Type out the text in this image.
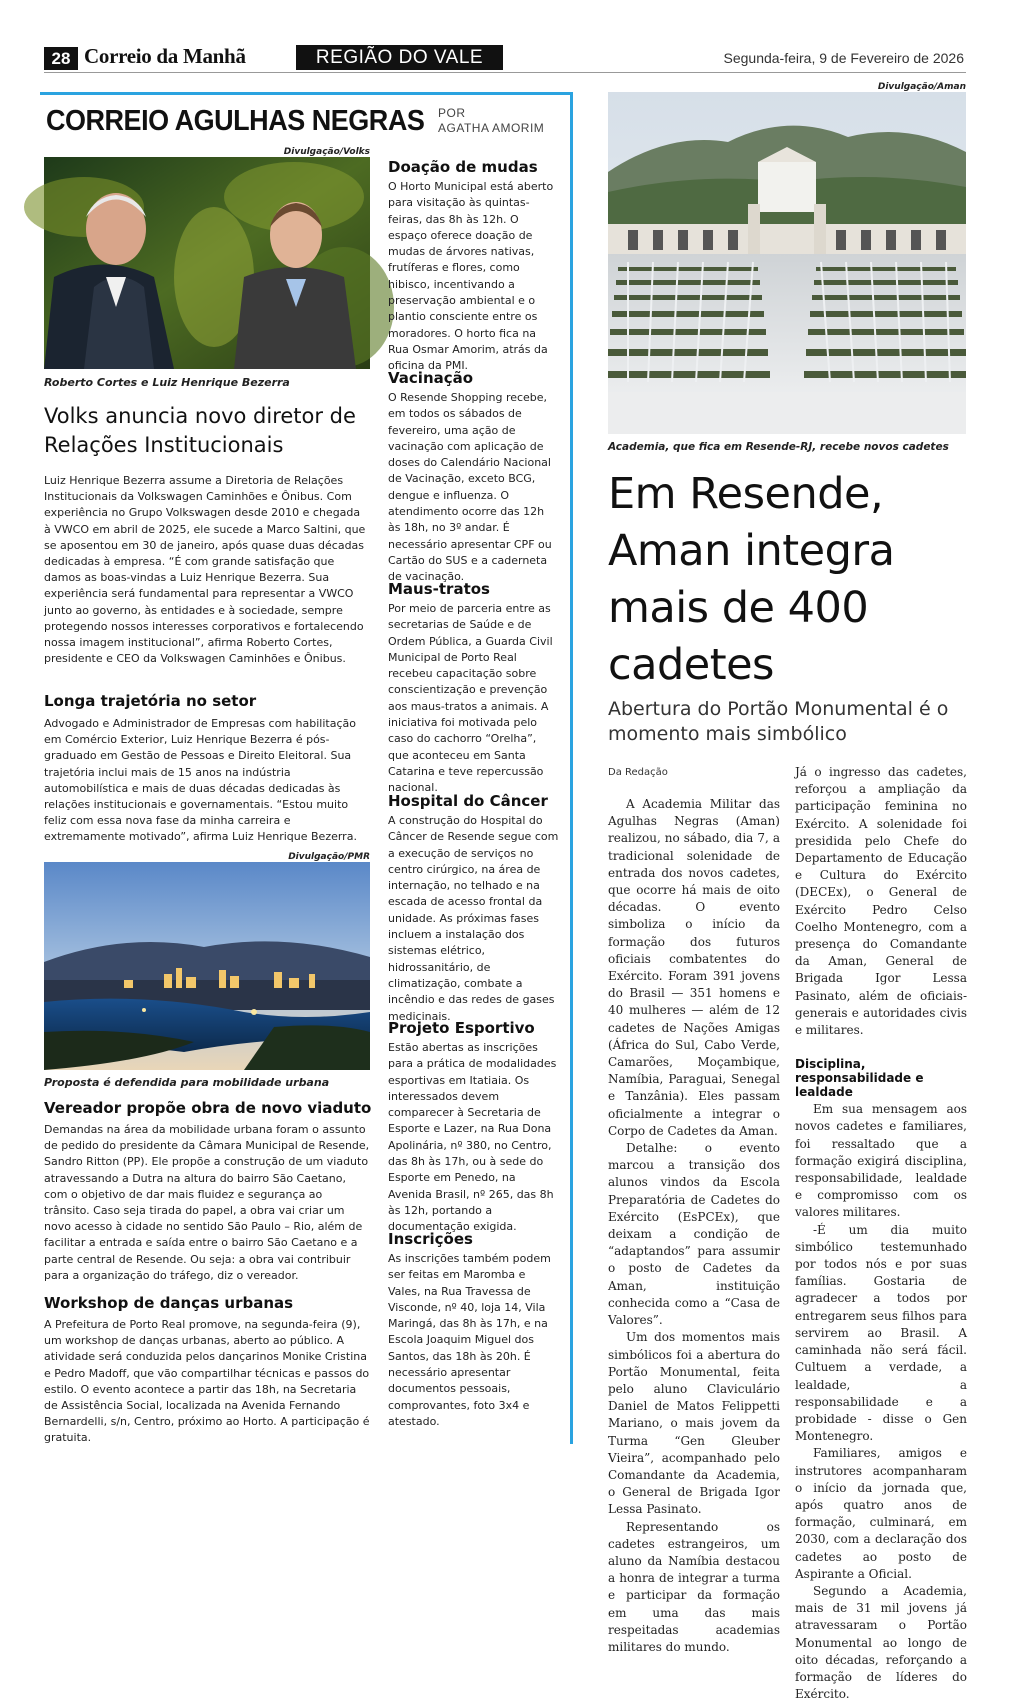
28 Correio da Manhã	REGIÃO DO VALE	Segunda-feira, 9 de Fevereiro de 2026
CORREIO AGULHAS NEGRAS POR
AGATHA AMORIM
Divulgação/Volks
Roberto Cortes e Luiz Henrique Bezerra
Volks anuncia novo diretor de Relações Institucionais
Luiz Henrique Bezerra assume a Diretoria de Relações Institucionais da Volkswagen Caminhões e Ônibus. Com experiência no Grupo Volkswagen desde 2010 e chegada à VWCO em abril de 2025, ele sucede a Marco Saltini, que se aposentou em 30 de janeiro, após quase duas décadas dedicadas à empresa. “É com grande satisfação que damos as boas-vindas a Luiz Henrique Bezerra. Sua experiência será fundamental para representar a VWCO junto ao governo, às entidades e à sociedade, sempre protegendo nossos interesses corporativos e fortalecendo nossa imagem institucional”, afirma Roberto Cortes, presidente e CEO da Volkswagen Caminhões e Ônibus.
Longa trajetória no setor
Advogado e Administrador de Empresas com habilitação em Comércio Exterior, Luiz Henrique Bezerra é pós-graduado em Gestão de Pessoas e Direito Eleitoral. Sua trajetória inclui mais de 15 anos na indústria automobilística e mais de duas décadas dedicadas às relações institucionais e governamentais. “Estou muito feliz com essa nova fase da minha carreira e extremamente motivado”, afirma Luiz Henrique Bezerra.
Divulgação/PMR
Proposta é defendida para mobilidade urbana
Vereador propõe obra de novo viaduto
Demandas na área da mobilidade urbana foram o assunto de pedido do presidente da Câmara Municipal de Resende, Sandro Ritton (PP). Ele propõe a construção de um viaduto atravessando a Dutra na altura do bairro São Caetano, com o objetivo de dar mais fluidez e segurança ao trânsito. Caso seja tirada do papel, a obra vai criar um novo acesso à cidade no sentido São Paulo – Rio, além de facilitar a entrada e saída entre o bairro São Caetano e a parte central de Resende. Ou seja: a obra vai contribuir para a organização do tráfego, diz o vereador.
Workshop de danças urbanas
A Prefeitura de Porto Real promove, na segunda-feira (9), um workshop de danças urbanas, aberto ao público. A atividade será conduzida pelos dançarinos Monike Cristina e Pedro Madoff, que vão compartilhar técnicas e passos do estilo. O evento acontece a partir das 18h, na Secretaria de Assistência Social, localizada na Avenida Fernando Bernardelli, s/n, Centro, próximo ao Horto. A participação é gratuita.
Doação de mudas
O Horto Municipal está aberto para visitação às quintas-feiras, das 8h às 12h. O espaço oferece doação de mudas de árvores nativas, frutíferas e flores, como hibisco, incentivando a preservação ambiental e o plantio consciente entre os moradores. O horto fica na Rua Osmar Amorim, atrás da oficina da PMI.
Vacinação
O Resende Shopping recebe, em todos os sábados de fevereiro, uma ação de vacinação com aplicação de doses do Calendário Nacional de Vacinação, exceto BCG, dengue e influenza. O atendimento ocorre das 12h às 18h, no 3º andar. É necessário apresentar CPF ou Cartão do SUS e a caderneta de vacinação.
Maus-tratos
Por meio de parceria entre as secretarias de Saúde e de Ordem Pública, a Guarda Civil Municipal de Porto Real recebeu capacitação sobre conscientização e prevenção aos maus-tratos a animais. A iniciativa foi motivada pelo caso do cachorro “Orelha”, que aconteceu em Santa Catarina e teve repercussão nacional.
Hospital do Câncer
A construção do Hospital do Câncer de Resende segue com a execução de serviços no centro cirúrgico, na área de internação, no telhado e na escada de acesso frontal da unidade. As próximas fases incluem a instalação dos sistemas elétrico, hidrossanitário, de climatização, combate a incêndio e das redes de gases medicinais.
Projeto Esportivo
Estão abertas as inscrições para a prática de modalidades esportivas em Itatiaia. Os interessados devem comparecer à Secretaria de Esporte e Lazer, na Rua Dona Apolinária, nº 380, no Centro, das 8h às 17h, ou à sede do Esporte em Penedo, na Avenida Brasil, nº 265, das 8h às 12h, portando a documentação exigida.
Inscrições
As inscrições também podem ser feitas em Maromba e Vales, na Rua Travessa de Visconde, nº 40, loja 14, Vila Maringá, das 8h às 17h, e na Escola Joaquim Miguel dos Santos, das 18h às 20h. É necessário apresentar documentos pessoais, comprovantes, foto 3x4 e atestado.
Divulgação/Aman
Academia, que fica em Resende-RJ, recebe novos cadetes
Em Resende, Aman integra mais de 400 cadetes
Abertura do Portão Monumental é o momento mais simbólico
Da Redação

A Academia Militar das Agulhas Negras (Aman) realizou, no sábado, dia 7, a tradicional solenidade de entrada dos novos cadetes, que ocorre há mais de oito décadas. O evento simboliza o início da formação dos futuros oficiais combatentes do Exército. Foram 391 jovens do Brasil — 351 homens e 40 mulheres — além de 12 cadetes de Nações Amigas (África do Sul, Cabo Verde, Camarões, Moçambique, Namíbia, Paraguai, Senegal e Tanzânia). Eles passam oficialmente a integrar o Corpo de Cadetes da Aman.

Detalhe: o evento marcou a transição dos alunos vindos da Escola Preparatória de Cadetes do Exército (EsPCEx), que deixam a condição de “adaptandos” para assumir o posto de Cadetes da Aman, instituição conhecida como a “Casa de Valores”.

Um dos momentos mais simbólicos foi a abertura do Portão Monumental, feita pelo aluno Claviculário Daniel de Matos Felippetti Mariano, o mais jovem da Turma “Gen Gleuber Vieira”, acompanhado pelo Comandante da Academia, o General de Brigada Igor Lessa Pasinato.

Representando os cadetes estrangeiros, um aluno da Namíbia destacou a honra de integrar a turma e participar da formação em uma das mais respeitadas academias militares do mundo.

Já o ingresso das cadetes, reforçou a ampliação da participação feminina no Exército. A solenidade foi presidida pelo Chefe do Departamento de Educação e Cultura do Exército (DECEx), o General de Exército Pedro Celso Coelho Montenegro, com a presença do Comandante da Aman, General de Brigada Igor Lessa Pasinato, além de oficiais-generais e autoridades civis e militares.

Disciplina, responsabilidade e lealdade

Em sua mensagem aos novos cadetes e familiares, foi ressaltado que a formação exigirá disciplina, responsabilidade, lealdade e compromisso com os valores militares.

-É um dia muito simbólico testemunhado por todos nós e por suas famílias. Gostaria de agradecer a todos por entregarem seus filhos para servirem ao Brasil. A caminhada não será fácil. Cultuem a verdade, a lealdade, a responsabilidade e a probidade - disse o Gen Montenegro.

Familiares, amigos e instrutores acompanharam o início da jornada que, após quatro anos de formação, culminará, em 2030, com a declaração dos cadetes ao posto de Aspirante a Oficial.

Segundo a Academia, mais de 31 mil jovens já atravessaram o Portão Monumental ao longo de oito décadas, reforçando a formação de líderes do Exército.
